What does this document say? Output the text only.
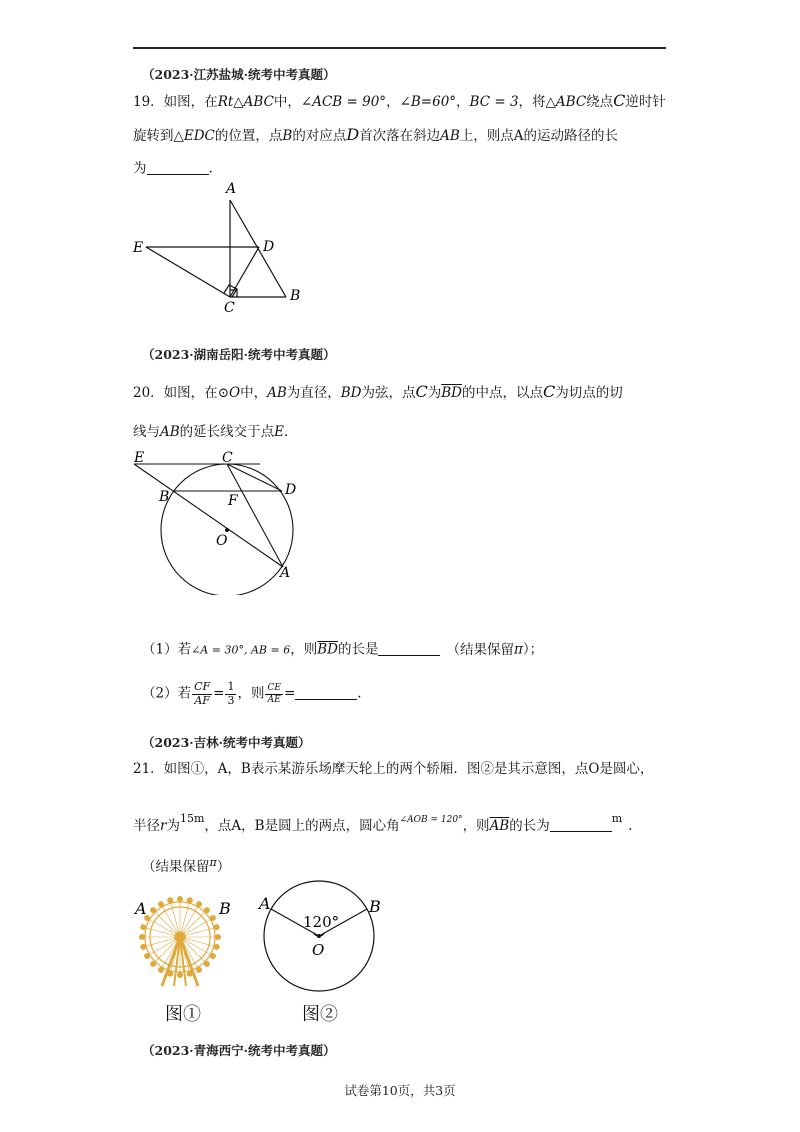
（2023·江苏盐城·统考中考真题）
19．如图，在Rt△ABC中，∠ACB = 90°，∠B=60°，BC = 3，将△ABC绕点C逆时针
旋转到△EDC的位置，点B的对应点D首次落在斜边AB上，则点A的运动路径的长
为	.
A
E	D
C
B
（2023·湖南岳阳·统考中考真题）
20．如图，在⊙O中，AB为直径，BD为弦，点C为$\overline{BD}$的中点，以点C为切点的切
线与AB的延长线交于点E．
E	C
B	F
D
O
A
（1）若∠A = 30°, AB = 6，则$\overline{BD}$的长是	（结果保留π）；
（2）若 $\frac{CF}{AF} = \frac{1}{3}$ ，则 $\frac{CE}{AE}$ =	.
（2023·吉林·统考中考真题）
21．如图①，A，B表示某游乐场摩天轮上的两个轿厢．图②是其示意图，点O是圆心，
半径r为$^{15m}$，点A，B是圆上的两点，圆心角$^{\angle AOB = 120^\circ}$，则$\overline{AB}$的长为	$^m$ .
（结果保留$^\pi$）
A	B A	B
120°
O
图①	图②
（2023·青海西宁·统考中考真题）
试卷第10页，共3页
